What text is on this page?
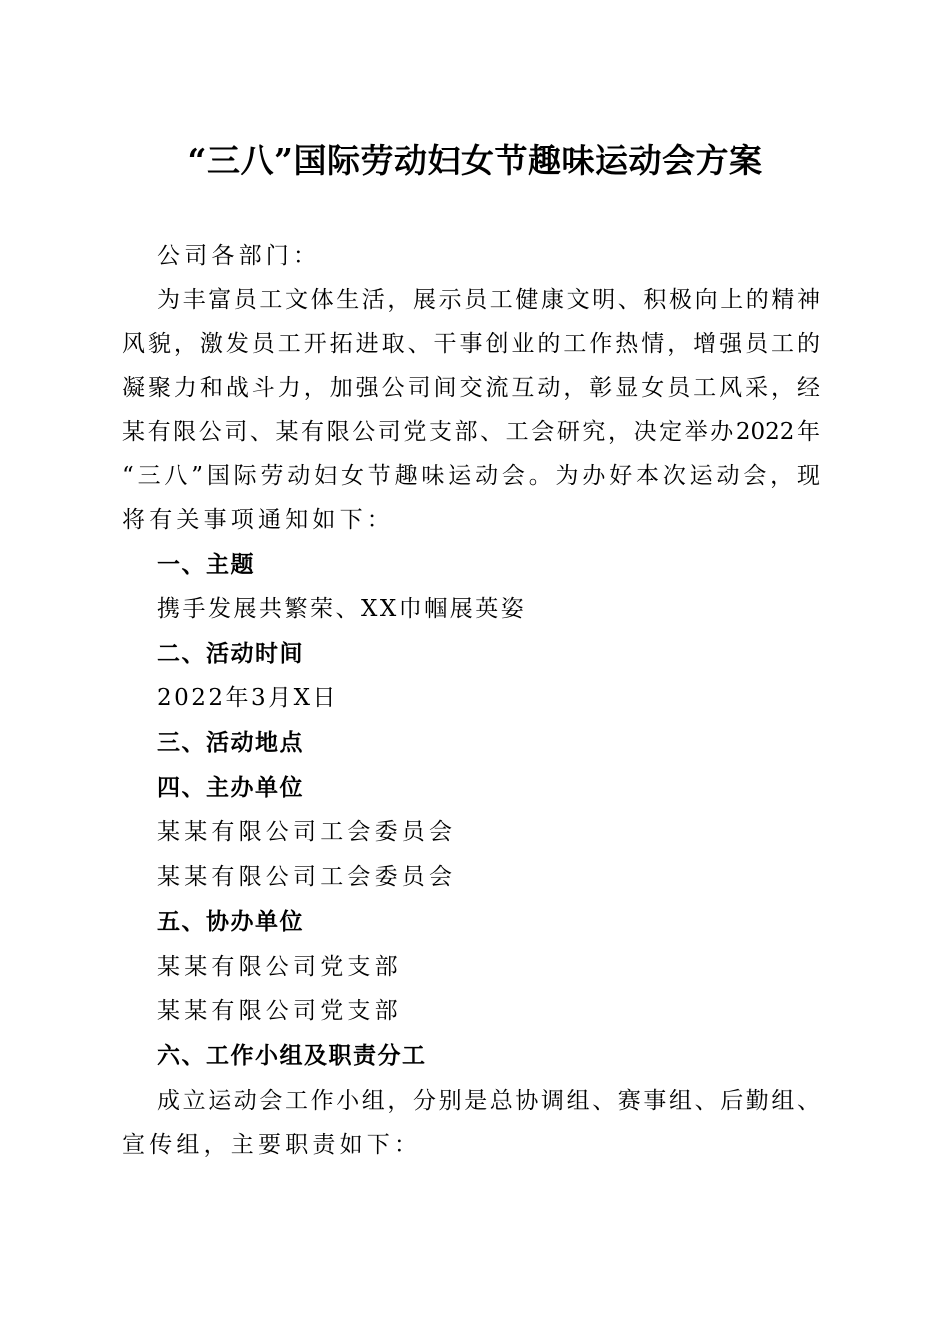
“三八”国际劳动妇女节趣味运动会方案
公司各部门：
为丰富员工文体生活，展示员工健康文明、积极向上的精神
风貌，激发员工开拓进取、干事创业的工作热情，增强员工的
凝聚力和战斗力，加强公司间交流互动，彰显女员工风采，经
某有限公司、某有限公司党支部、工会研究，决定举办2022年
“三八”国际劳动妇女节趣味运动会。为办好本次运动会，现
将有关事项通知如下：
一、主题
携手发展共繁荣、XX巾帼展英姿
二、活动时间
2022年3月X日
三、活动地点
四、主办单位
某某有限公司工会委员会
某某有限公司工会委员会
五、协办单位
某某有限公司党支部
某某有限公司党支部
六、工作小组及职责分工
成立运动会工作小组，分别是总协调组、赛事组、后勤组、
宣传组，主要职责如下：
